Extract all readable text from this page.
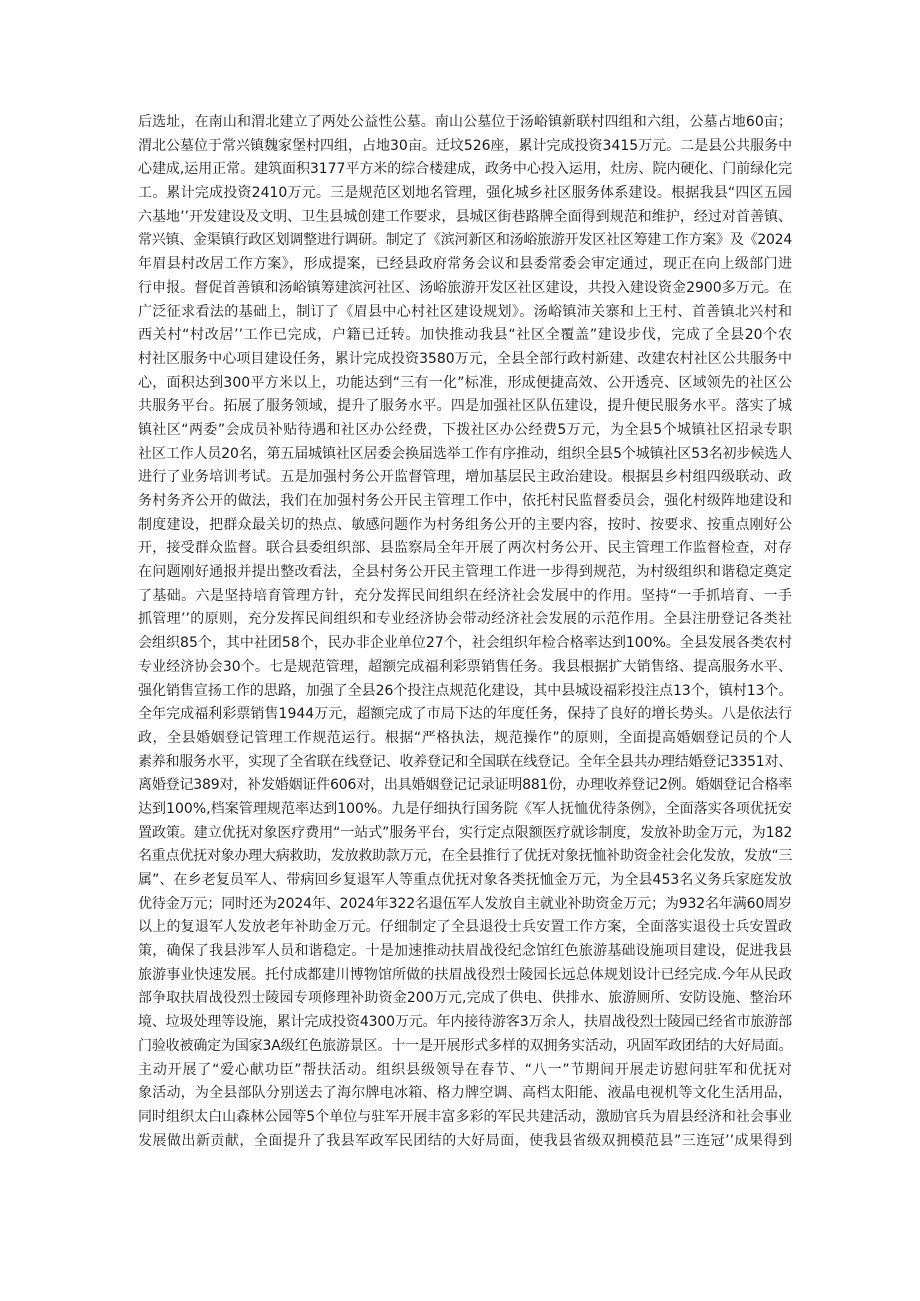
后选址，在南山和渭北建立了两处公益性公墓。南山公墓位于汤峪镇新联村四组和六组，公墓占地60亩；
渭北公墓位于常兴镇魏家堡村四组，占地30亩。迁坟526座，累计完成投资3415万元。二是县公共服务中
心建成,运用正常。建筑面积3177平方米的综合楼建成，政务中心投入运用，灶房、院内硬化、门前绿化完
工。累计完成投资2410万元。三是规范区划地名管理，强化城乡社区服务体系建设。根据我县“四区五园
六基地’’开发建设及文明、卫生县城创建工作要求，县城区街巷路牌全面得到规范和维护，经过对首善镇、
常兴镇、金渠镇行政区划调整进行调研。制定了《滨河新区和汤峪旅游开发区社区筹建工作方案》及《2024
年眉县村改居工作方案》，形成提案，已经县政府常务会议和县委常委会审定通过，现正在向上级部门进
行申报。督促首善镇和汤峪镇筹建滨河社区、汤峪旅游开发区社区建设，共投入建设资金2900多万元。在
广泛征求看法的基础上，制订了《眉县中心村社区建设规划》。汤峪镇沛关寨和上王村、首善镇北兴村和
西关村“村改居’’工作已完成，户籍已迁转。加快推动我县“社区全覆盖”建设步伐，完成了全县20个农
村社区服务中心项目建设任务，累计完成投资3580万元，全县全部行政村新建、改建农村社区公共服务中
心，面积达到300平方米以上，功能达到“三有一化”标准，形成便捷高效、公开透亮、区域领先的社区公
共服务平台。拓展了服务领域，提升了服务水平。四是加强社区队伍建设，提升便民服务水平。落实了城
镇社区“两委”会成员补贴待遇和社区办公经费，下拨社区办公经费5万元，为全县5个城镇社区招录专职
社区工作人员20名，第五届城镇社区居委会换届选举工作有序推动，组织全县5个城镇社区53名初步候选人
进行了业务培训考试。五是加强村务公开监督管理，增加基层民主政治建设。根据县乡村组四级联动、政
务村务齐公开的做法，我们在加强村务公开民主管理工作中，依托村民监督委员会，强化村级阵地建设和
制度建设，把群众最关切的热点、敏感问题作为村务组务公开的主要内容，按时、按要求、按重点刚好公
开，接受群众监督。联合县委组织部、县监察局全年开展了两次村务公开、民主管理工作监督检查，对存
在问题刚好通报并提出整改看法，全县村务公开民主管理工作进一步得到规范，为村级组织和谐稳定奠定
了基础。六是坚持培育管理方针，充分发挥民间组织在经济社会发展中的作用。坚持“一手抓培育、一手
抓管理’’的原则，充分发挥民间组织和专业经济协会带动经济社会发展的示范作用。全县注册登记各类社
会组织85个，其中社团58个，民办非企业单位27个，社会组织年检合格率达到100%。全县发展各类农村
专业经济协会30个。七是规范管理，超额完成福利彩票销售任务。我县根据扩大销售络、提高服务水平、
强化销售宣扬工作的思路，加强了全县26个投注点规范化建设，其中县城设福彩投注点13个，镇村13个。
全年完成福利彩票销售1944万元，超额完成了市局下达的年度任务，保持了良好的增长势头。八是依法行
政，全县婚姻登记管理工作规范运行。根据“严格执法，规范操作”的原则，全面提高婚姻登记员的个人
素养和服务水平，实现了全省联在线登记、收养登记和全国联在线登记。全年全县共办理结婚登记3351对、
离婚登记389对，补发婚姻证件606对，出具婚姻登记记录证明881份，办理收养登记2例。婚姻登记合格率
达到100%,档案管理规范率达到100%。九是仔细执行国务院《军人抚恤优待条例》，全面落实各项优抚安
置政策。建立优抚对象医疗费用“一站式”服务平台，实行定点限额医疗就诊制度，发放补助金万元，为182
名重点优抚对象办理大病救助，发放救助款万元，在全县推行了优抚对象抚恤补助资金社会化发放，发放“三
属”、在乡老复员军人、带病回乡复退军人等重点优抚对象各类抚恤金万元，为全县453名义务兵家庭发放
优待金万元；同时还为2024年、2024年322名退伍军人发放自主就业补助资金万元；为932名年满60周岁
以上的复退军人发放老年补助金万元。仔细制定了全县退役士兵安置工作方案，全面落实退役士兵安置政
策，确保了我县涉军人员和谐稳定。十是加速推动扶眉战役纪念馆红色旅游基础设施项目建设，促进我县
旅游事业快速发展。托付成都建川博物馆所做的扶眉战役烈士陵园长远总体规划设计已经完成.今年从民政
部争取扶眉战役烈士陵园专项修理补助资金200万元,完成了供电、供排水、旅游厕所、安防设施、整治环
境、垃圾处理等设施，累计完成投资4300万元。年内接待游客3万余人，扶眉战役烈士陵园已经省市旅游部
门验收被确定为国家3A级红色旅游景区。十一是开展形式多样的双拥务实活动，巩固军政团结的大好局面。
主动开展了“爱心献功臣”帮扶活动。组织县级领导在春节、“八一”节期间开展走访慰问驻军和优抚对
象活动，为全县部队分别送去了海尔牌电冰箱、格力牌空调、高档太阳能、液晶电视机等文化生活用品，
同时组织太白山森林公园等5个单位与驻军开展丰富多彩的军民共建活动，激励官兵为眉县经济和社会事业
发展做出新贡献，全面提升了我县军政军民团结的大好局面，使我县省级双拥模范县”三连冠’’成果得到
